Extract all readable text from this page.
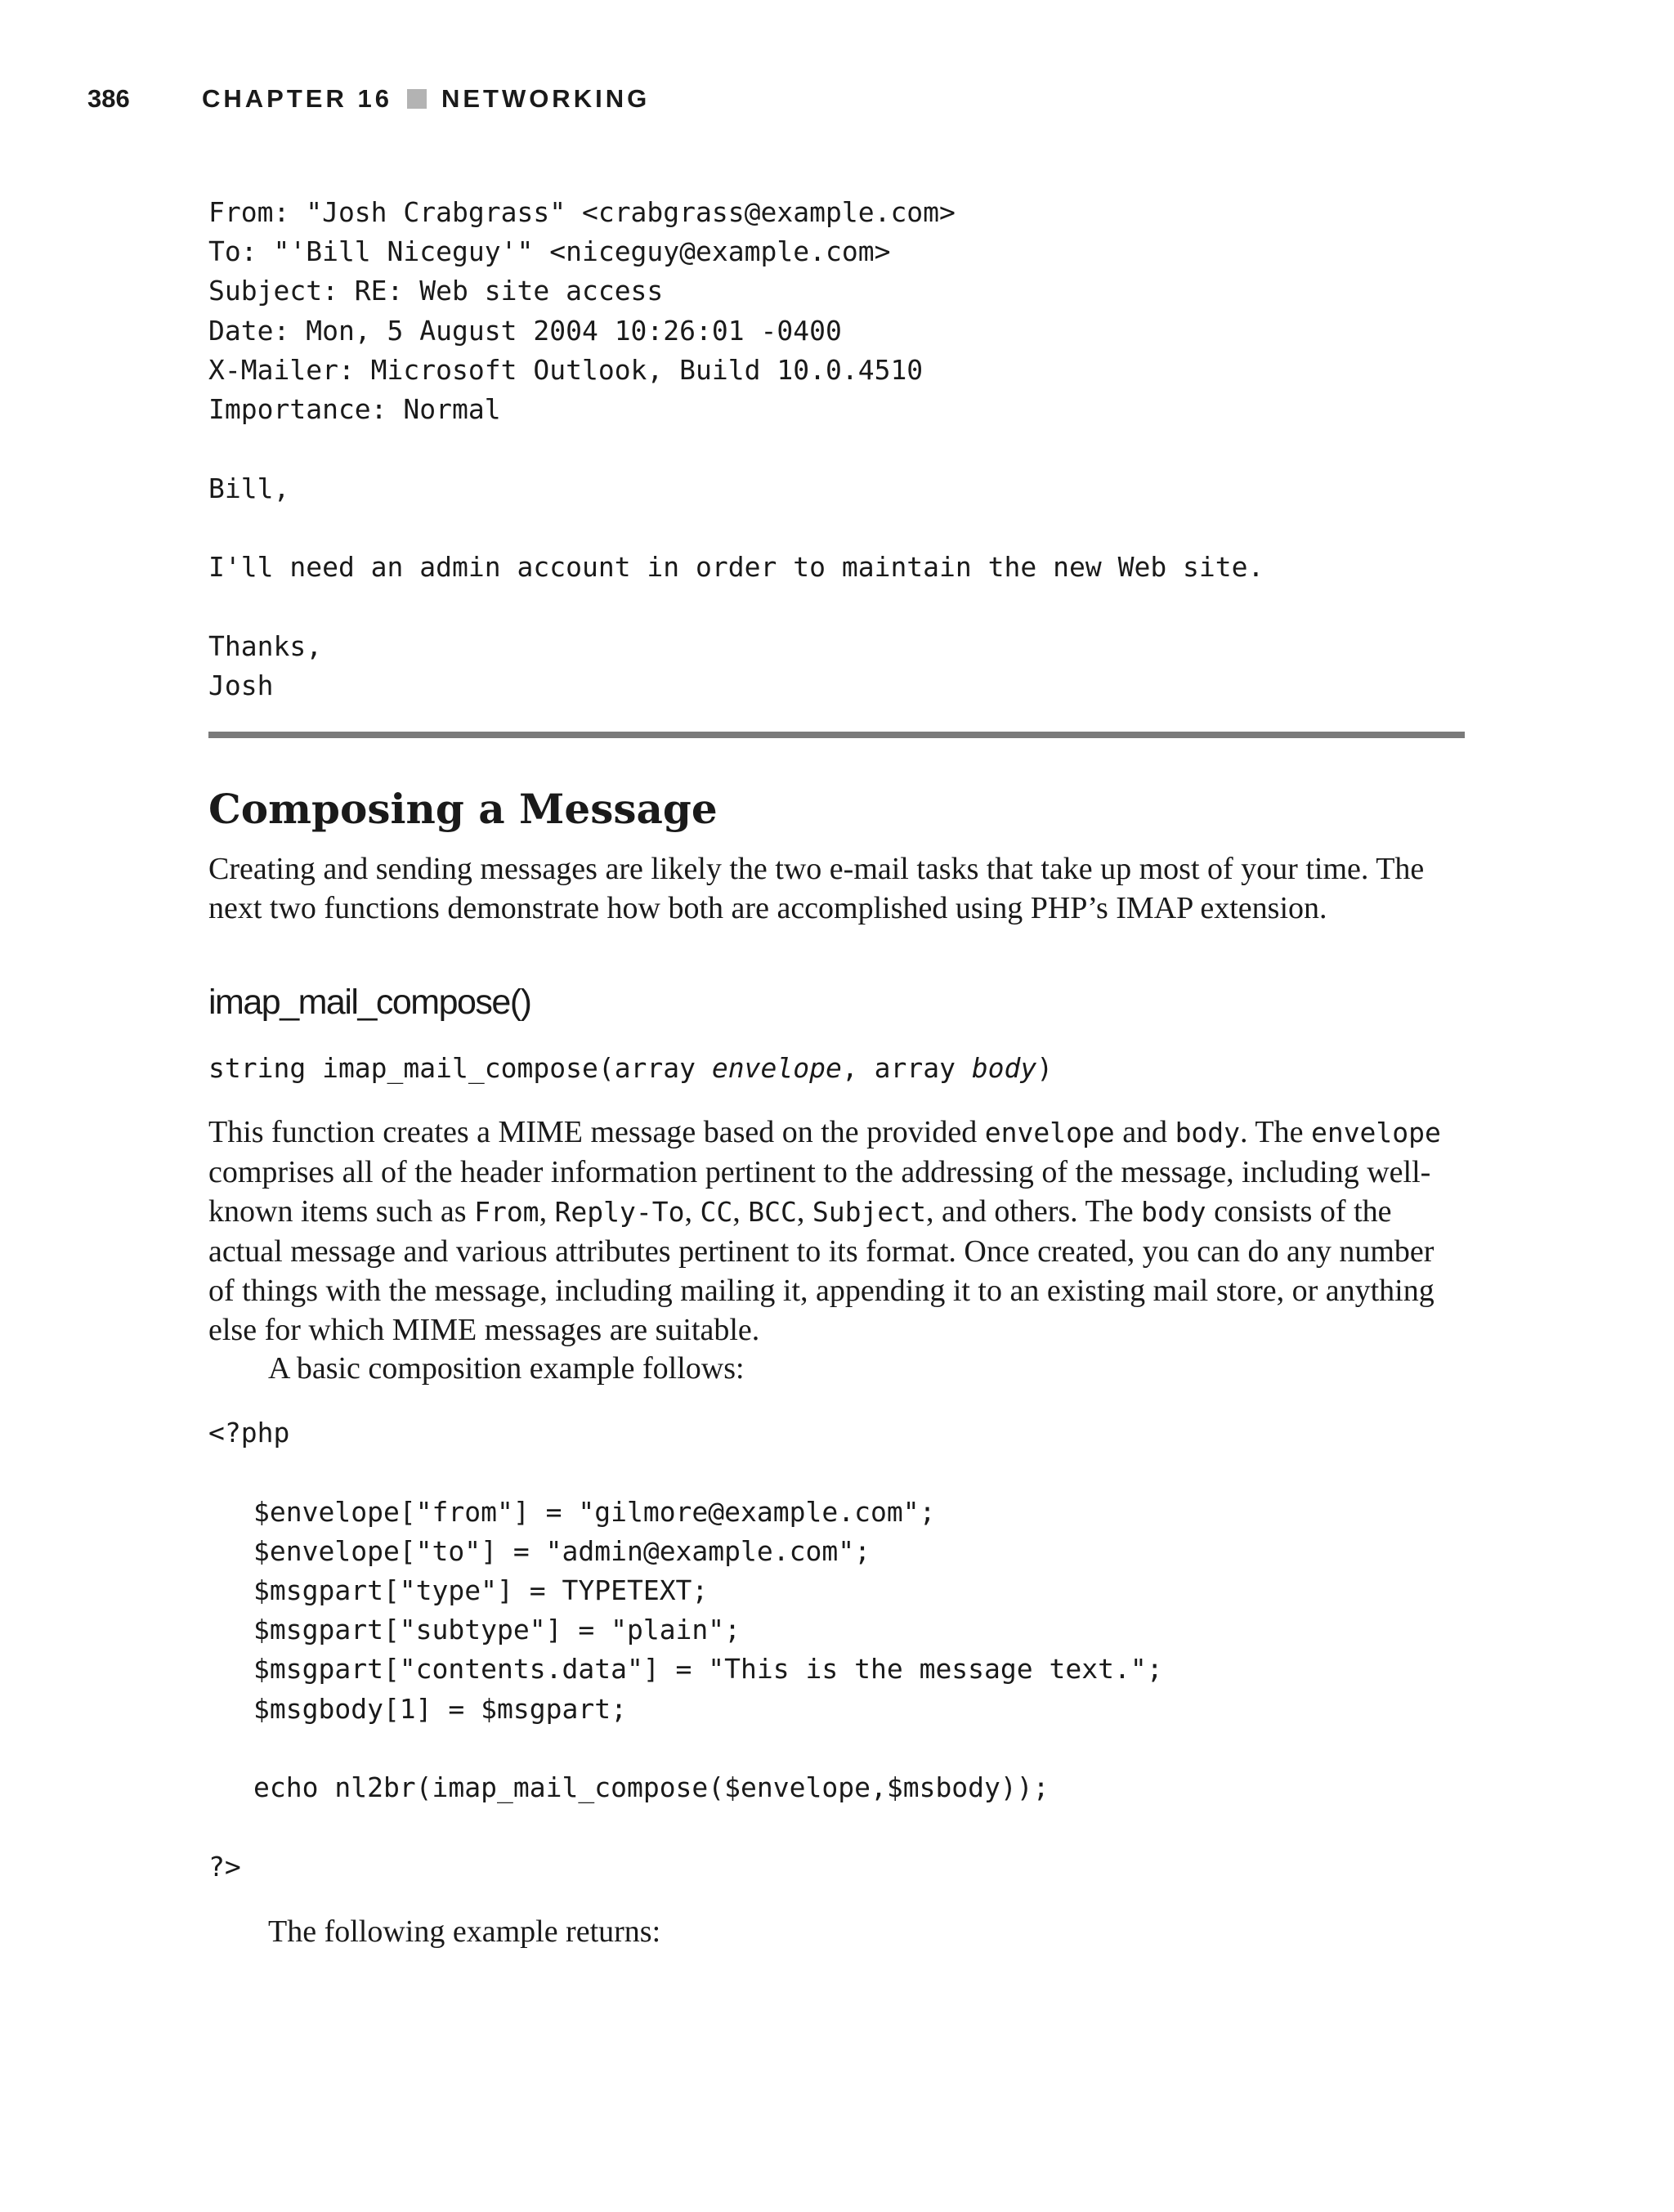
386	CHAPTER 16 NETWORKING
From: "Josh Crabgrass" <crabgrass@example.com>
To: "'Bill Niceguy'" <niceguy@example.com>
Subject: RE: Web site access
Date: Mon, 5 August 2004 10:26:01 -0400
X-Mailer: Microsoft Outlook, Build 10.0.4510
Importance: Normal
Bill,
I'll need an admin account in order to maintain the new Web site.
Thanks,
Josh
Composing a Message
Creating and sending messages are likely the two e-mail tasks that take up most of your time. The next two functions demonstrate how both are accomplished using PHP’s IMAP extension.
imap_mail_compose()
string imap_mail_compose(array envelope, array body)
This function creates a MIME message based on the provided envelope and body. The envelope comprises all of the header information pertinent to the addressing of the message, including well-known items such as From, Reply-To, CC, BCC, Subject, and others. The body consists of the actual message and various attributes pertinent to its format. Once created, you can do any number of things with the message, including mailing it, appending it to an existing mail store, or anything else for which MIME messages are suitable.
A basic composition example follows:
<?php
$envelope["from"] = "gilmore@example.com";
$envelope["to"] = "admin@example.com";
$msgpart["type"] = TYPETEXT;
$msgpart["subtype"] = "plain";
$msgpart["contents.data"] = "This is the message text.";
$msgbody[1] = $msgpart;
echo nl2br(imap_mail_compose($envelope,$msbody));
?>
The following example returns:
